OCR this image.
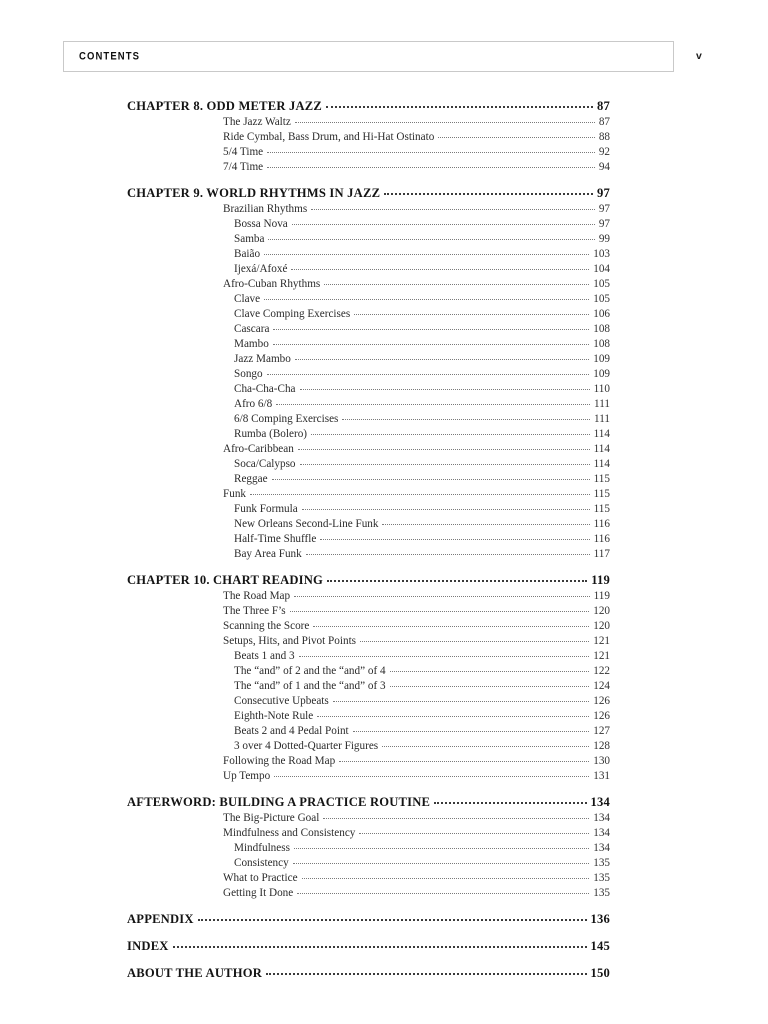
CONTENTS	v
CHAPTER 8. ODD METER JAZZ	87
The Jazz Waltz	87
Ride Cymbal, Bass Drum, and Hi-Hat Ostinato	88
5/4 Time	92
7/4 Time	94
CHAPTER 9. WORLD RHYTHMS IN JAZZ	97
Brazilian Rhythms	97
Bossa Nova	97
Samba	99
Baião	103
Ijexá/Afoxé	104
Afro-Cuban Rhythms	105
Clave	105
Clave Comping Exercises	106
Cascara	108
Mambo	108
Jazz Mambo	109
Songo	109
Cha-Cha-Cha	110
Afro 6/8	111
6/8 Comping Exercises	111
Rumba (Bolero)	114
Afro-Caribbean	114
Soca/Calypso	114
Reggae	115
Funk	115
Funk Formula	115
New Orleans Second-Line Funk	116
Half-Time Shuffle	116
Bay Area Funk	117
CHAPTER 10. CHART READING	119
The Road Map	119
The Three F’s	120
Scanning the Score	120
Setups, Hits, and Pivot Points	121
Beats 1 and 3	121
The “and” of 2 and the “and” of 4	122
The “and” of 1 and the “and” of 3	124
Consecutive Upbeats	126
Eighth-Note Rule	126
Beats 2 and 4 Pedal Point	127
3 over 4 Dotted-Quarter Figures	128
Following the Road Map	130
Up Tempo	131
AFTERWORD: BUILDING A PRACTICE ROUTINE	134
The Big-Picture Goal	134
Mindfulness and Consistency	134
Mindfulness	134
Consistency	135
What to Practice	135
Getting It Done	135
APPENDIX	136
INDEX	145
ABOUT THE AUTHOR	150
